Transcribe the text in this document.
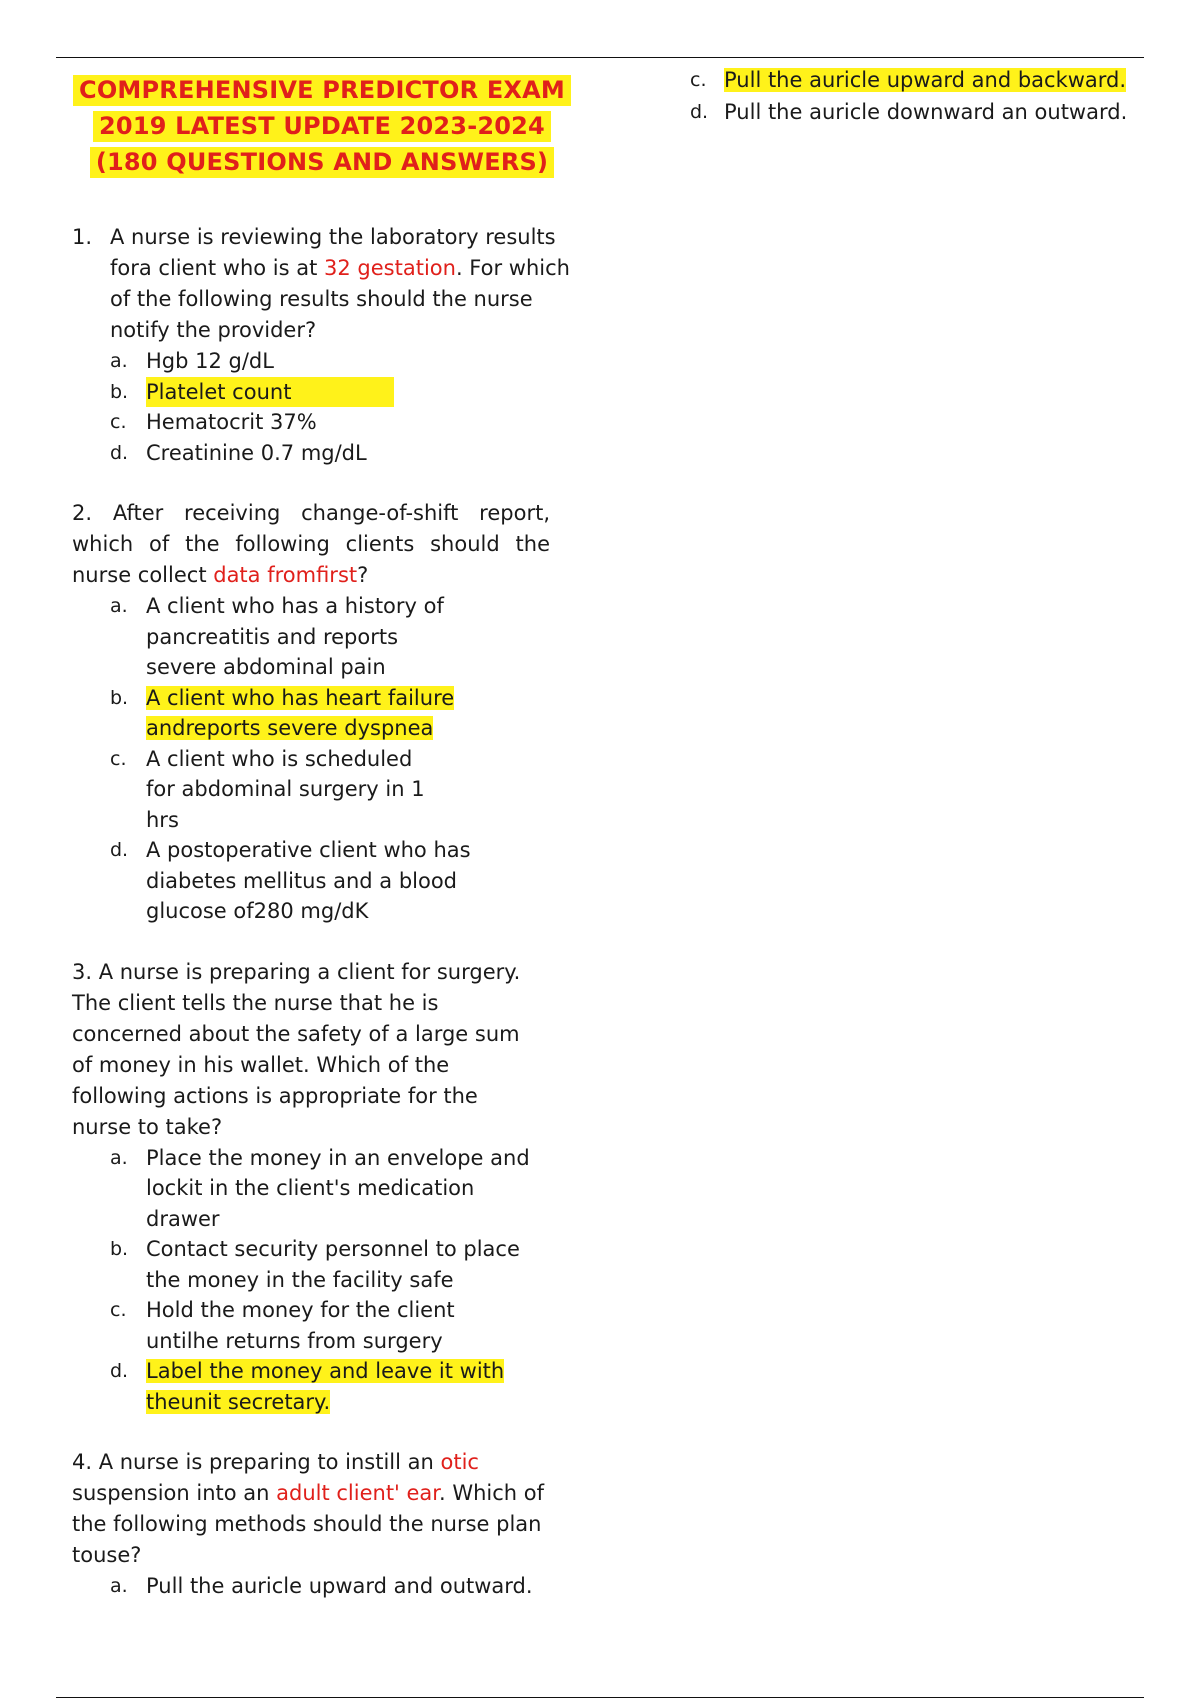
COMPREHENSIVE PREDICTOR EXAM
2019 LATEST UPDATE 2023-2024
(180 QUESTIONS AND ANSWERS)

1. A nurse is reviewing the laboratory results fora client who is at 32 gestation. For which of the following results should the nurse notify the provider?

a. Hgb 12 g/dL
b. Platelet count
c. Hematocrit 37%
d. Creatinine 0.7 mg/dL

2. After receiving change-of-shift report, which of the following clients should the nurse collect data fromfirst?

a. A client who has a history of pancreatitis and reports severe abdominal pain
b. A client who has heart failure andreports severe dyspnea
c. A client who is scheduled for abdominal surgery in 1 hrs
d. A postoperative client who has diabetes mellitus and a blood glucose of280 mg/dK

3. A nurse is preparing a client for surgery. The client tells the nurse that he is concerned about the safety of a large sum of money in his wallet. Which of the following actions is appropriate for the nurse to take?

a. Place the money in an envelope and lockit in the client's medication drawer
b. Contact security personnel to place the money in the facility safe
c. Hold the money for the client untilhe returns from surgery
d. Label the money and leave it with theunit secretary.

4. A nurse is preparing to instill an otic suspension into an adult client' ear. Which of the following methods should the nurse plan touse?

a. Pull the auricle upward and outward.
c. Pull the auricle upward and backward.
d. Pull the auricle downward an outward.
